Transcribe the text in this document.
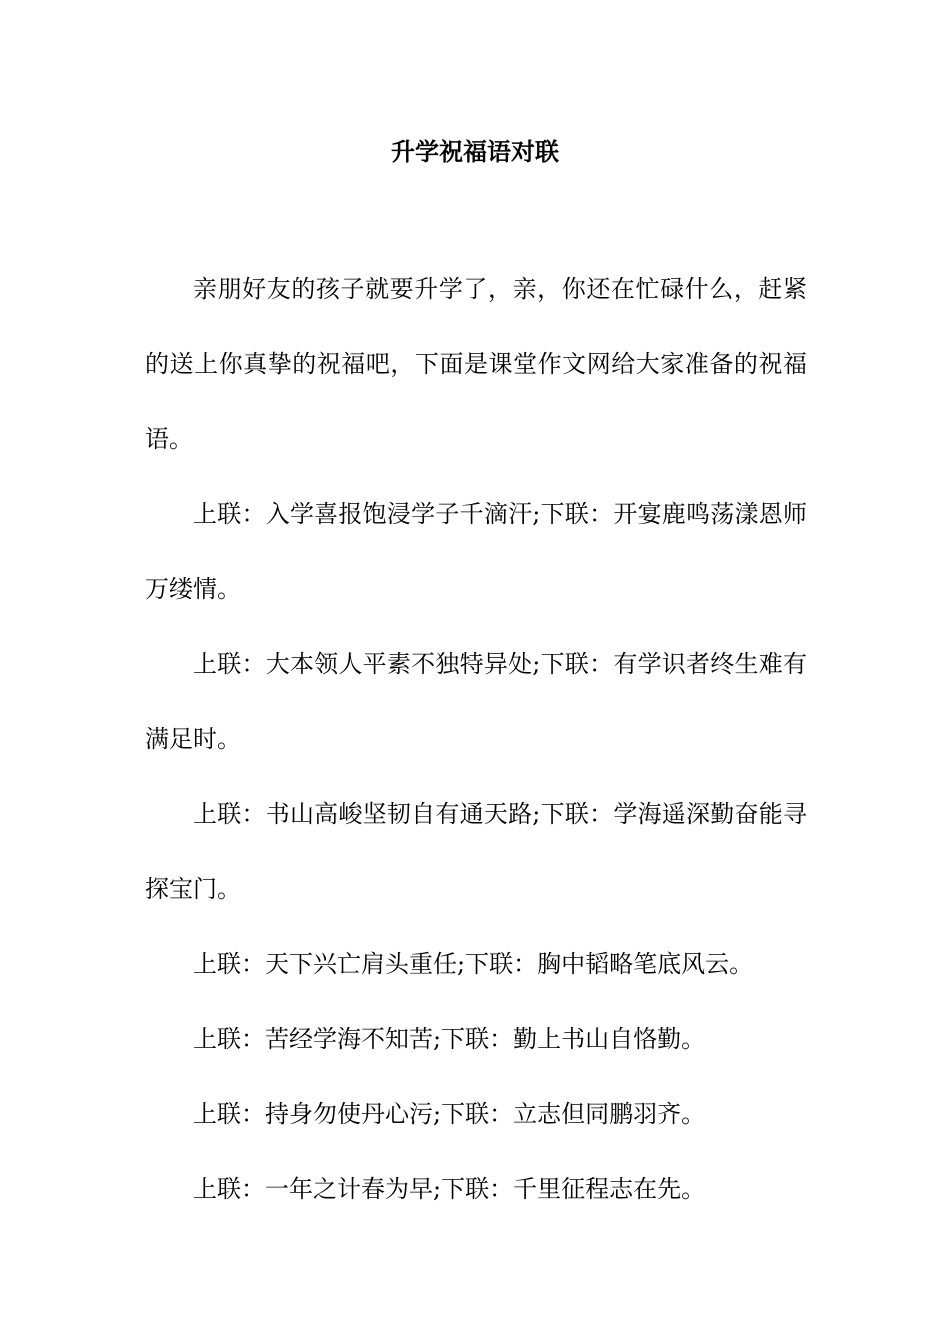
升学祝福语对联

亲朋好友的孩子就要升学了，亲，你还在忙碌什么，赶紧的送上你真挚的祝福吧，下面是课堂作文网给大家准备的祝福语。

上联：入学喜报饱浸学子千滴汗;下联：开宴鹿鸣荡漾恩师万缕情。

上联：大本领人平素不独特异处;下联：有学识者终生难有满足时。

上联：书山高峻坚韧自有通天路;下联：学海遥深勤奋能寻探宝门。

上联：天下兴亡肩头重任;下联：胸中韬略笔底风云。

上联：苦经学海不知苦;下联：勤上书山自恪勤。

上联：持身勿使丹心污;下联：立志但同鹏羽齐。

上联：一年之计春为早;下联：千里征程志在先。
